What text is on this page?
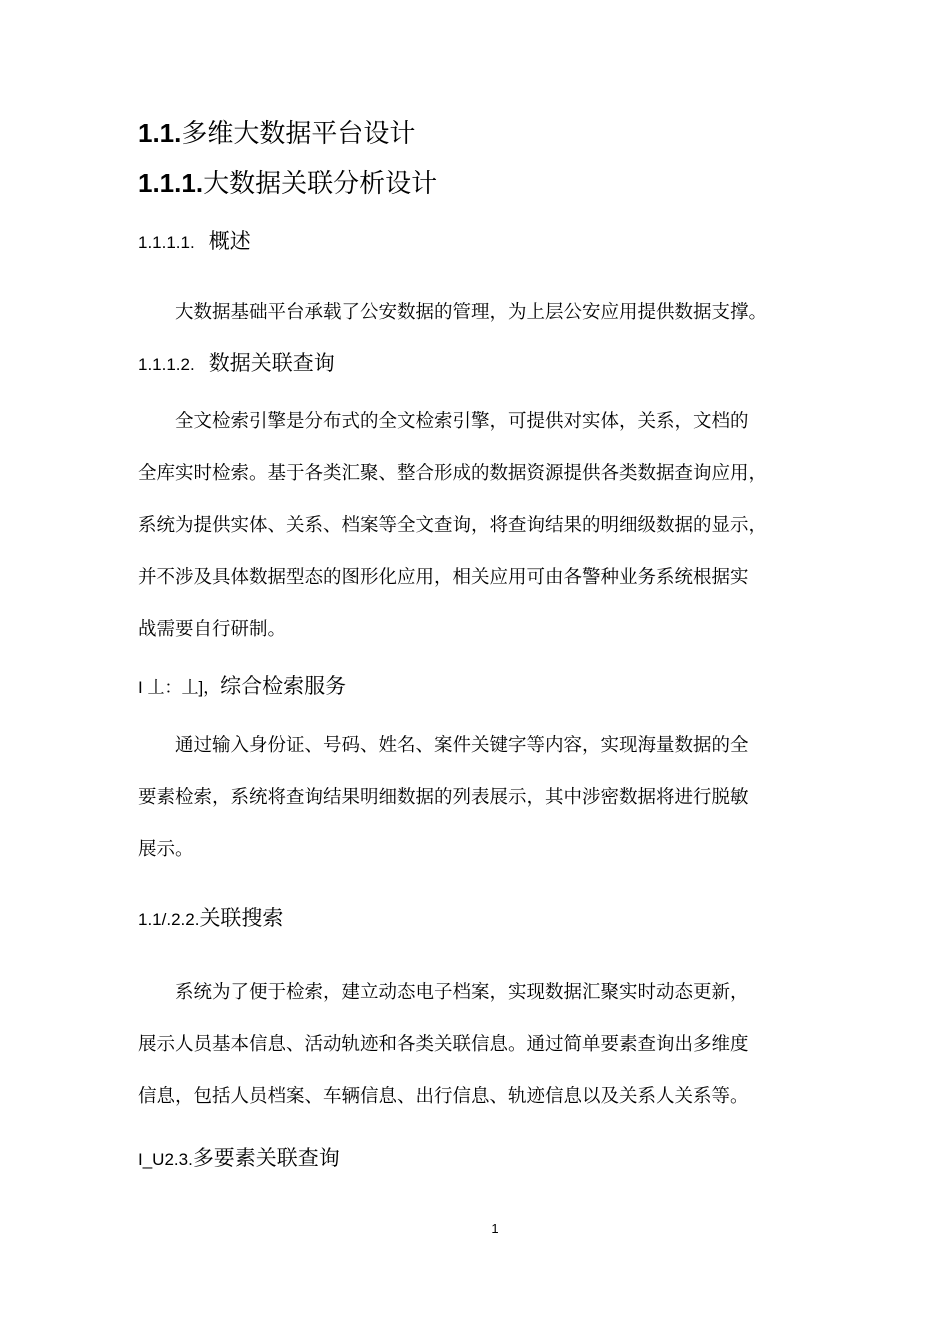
1.1.多维大数据平台设计
1.1.1.大数据关联分析设计
1.1.1.1. 概述
大数据基础平台承载了公安数据的管理，为上层公安应用提供数据支撑。
1.1.1.2. 数据关联查询
全文检索引擎是分布式的全文检索引擎，可提供对实体，关系，文档的
全库实时检索。基于各类汇聚、整合形成的数据资源提供各类数据查询应用，
系统为提供实体、关系、档案等全文查询，将查询结果的明细级数据的显示，
并不涉及具体数据型态的图形化应用，相关应用可由各警种业务系统根据实
战需要自行研制。
I 丄：丄]，综合检索服务
通过输入身份证、号码、姓名、案件关键字等内容，实现海量数据的全
要素检索，系统将查询结果明细数据的列表展示，其中涉密数据将进行脱敏
展示。
1.1/.2.2.关联搜索
系统为了便于检索，建立动态电子档案，实现数据汇聚实时动态更新，
展示人员基本信息、活动轨迹和各类关联信息。通过简单要素查询出多维度
信息，包括人员档案、车辆信息、出行信息、轨迹信息以及关系人关系等。
I_U2.3.多要素关联查询
1
